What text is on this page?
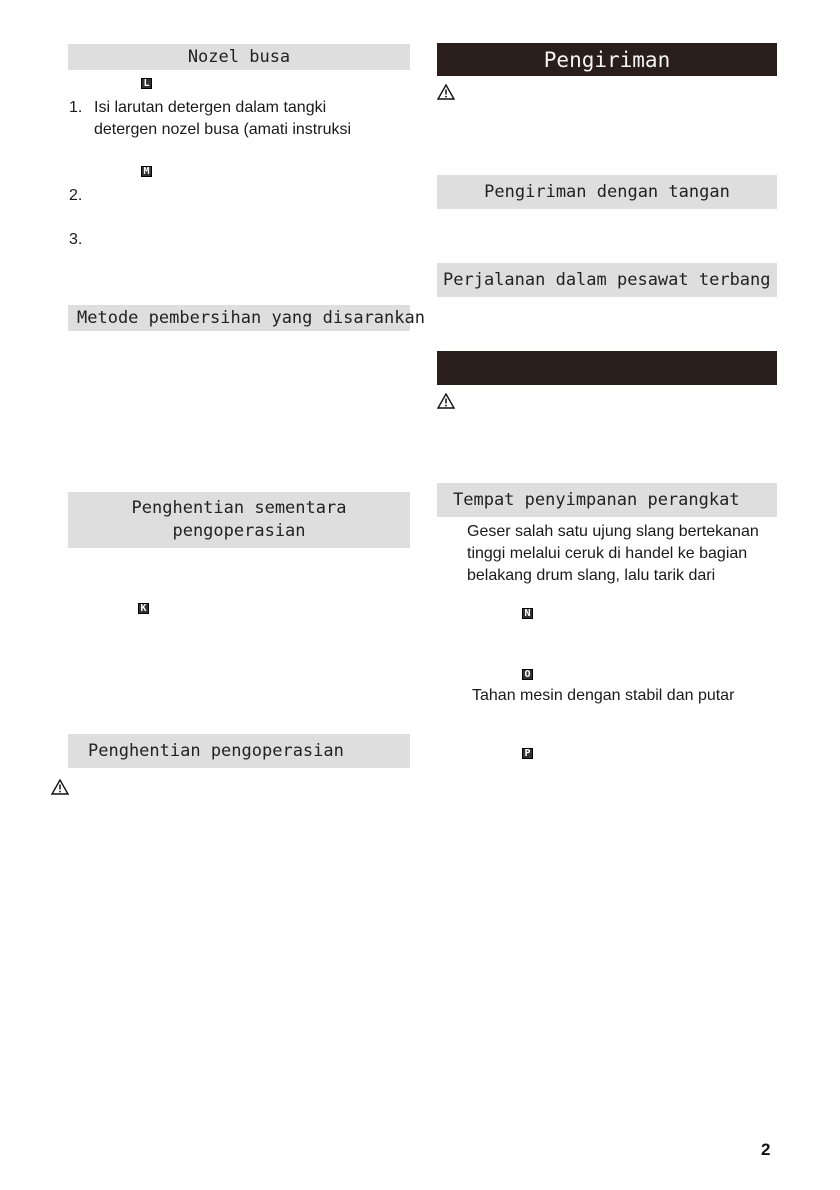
Nozel busa
L
1. Isi larutan detergen dalam tangki
detergen nozel busa (amati instruksi
M
2.
3.
Metode pembersihan yang disarankan
Penghentian sementara
pengoperasian
K
Penghentian pengoperasian
Pengiriman
Pengiriman dengan tangan
Perjalanan dalam pesawat terbang
Tempat penyimpanan perangkat
Geser salah satu ujung slang bertekanan
tinggi melalui ceruk di handel ke bagian
belakang drum slang, lalu tarik dari
N
O
Tahan mesin dengan stabil dan putar
P
2
